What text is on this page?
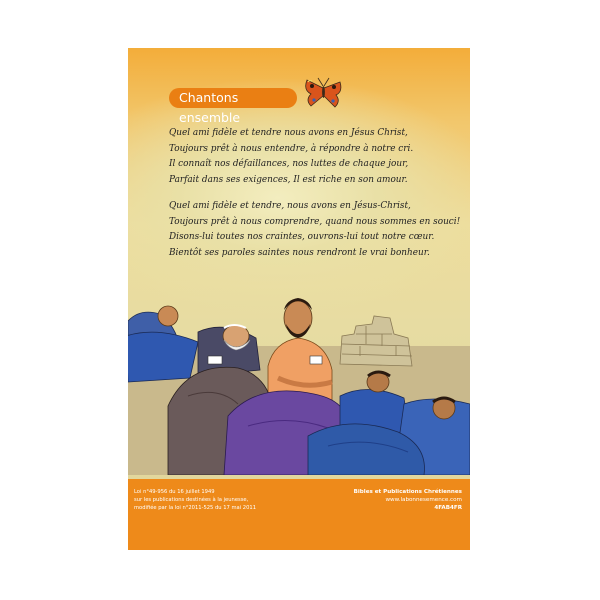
Chantons ensemble
Quel ami fidèle et tendre nous avons en Jésus Christ,
Toujours prêt à nous entendre, à répondre à notre cri.
Il connaît nos défaillances, nos luttes de chaque jour,
Parfait dans ses exigences, Il est riche en son amour.
Quel ami fidèle et tendre, nous avons en Jésus-Christ,
Toujours prêt à nous comprendre, quand nous sommes en souci!
Disons-lui toutes nos craintes, ouvrons-lui tout notre cœur.
Bientôt ses paroles saintes nous rendront le vrai bonheur.
Loi n°49-956 du 16 juillet 1949
sur les publications destinées à la jeunesse,
modifiée par la loi n°2011-525 du 17 mai 2011
Bibles et Publications Chrétiennes
www.labonnesemence.com
4FAB4FR
